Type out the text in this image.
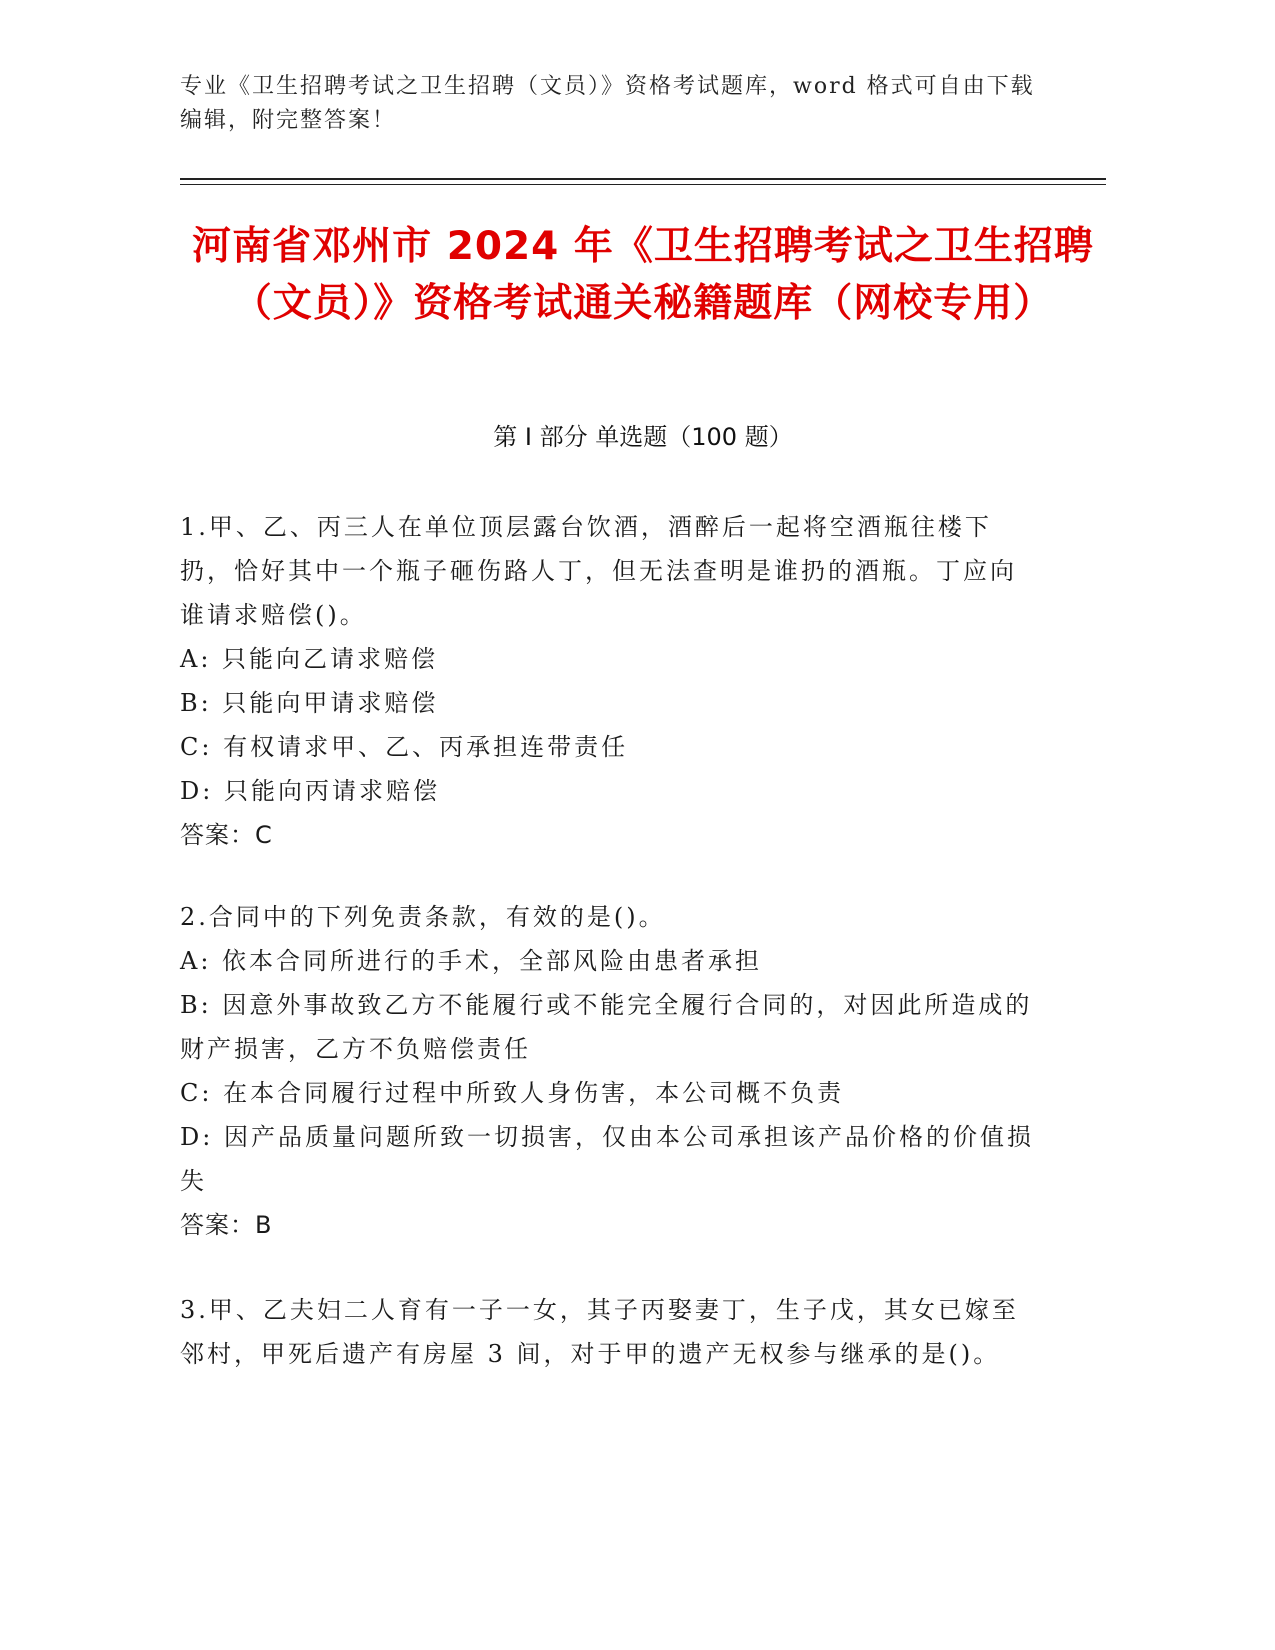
专业《卫生招聘考试之卫生招聘（文员）》资格考试题库，word 格式可自由下载编辑，附完整答案！
河南省邓州市 2024 年《卫生招聘考试之卫生招聘（文员）》资格考试通关秘籍题库（网校专用）
第 I 部分 单选题（100 题）

1.甲、乙、丙三人在单位顶层露台饮酒，酒醉后一起将空酒瓶往楼下扔，恰好其中一个瓶子砸伤路人丁，但无法查明是谁扔的酒瓶。丁应向谁请求赔偿()。

A: 只能向乙请求赔偿

B: 只能向甲请求赔偿

C: 有权请求甲、乙、丙承担连带责任

D: 只能向丙请求赔偿

答案：C

2.合同中的下列免责条款，有效的是()。

A: 依本合同所进行的手术，全部风险由患者承担

B: 因意外事故致乙方不能履行或不能完全履行合同的，对因此所造成的财产损害，乙方不负赔偿责任

C: 在本合同履行过程中所致人身伤害，本公司概不负责

D: 因产品质量问题所致一切损害，仅由本公司承担该产品价格的价值损失

答案：B

3.甲、乙夫妇二人育有一子一女，其子丙娶妻丁，生子戊，其女已嫁至邻村，甲死后遗产有房屋 3 间，对于甲的遗产无权参与继承的是()。
